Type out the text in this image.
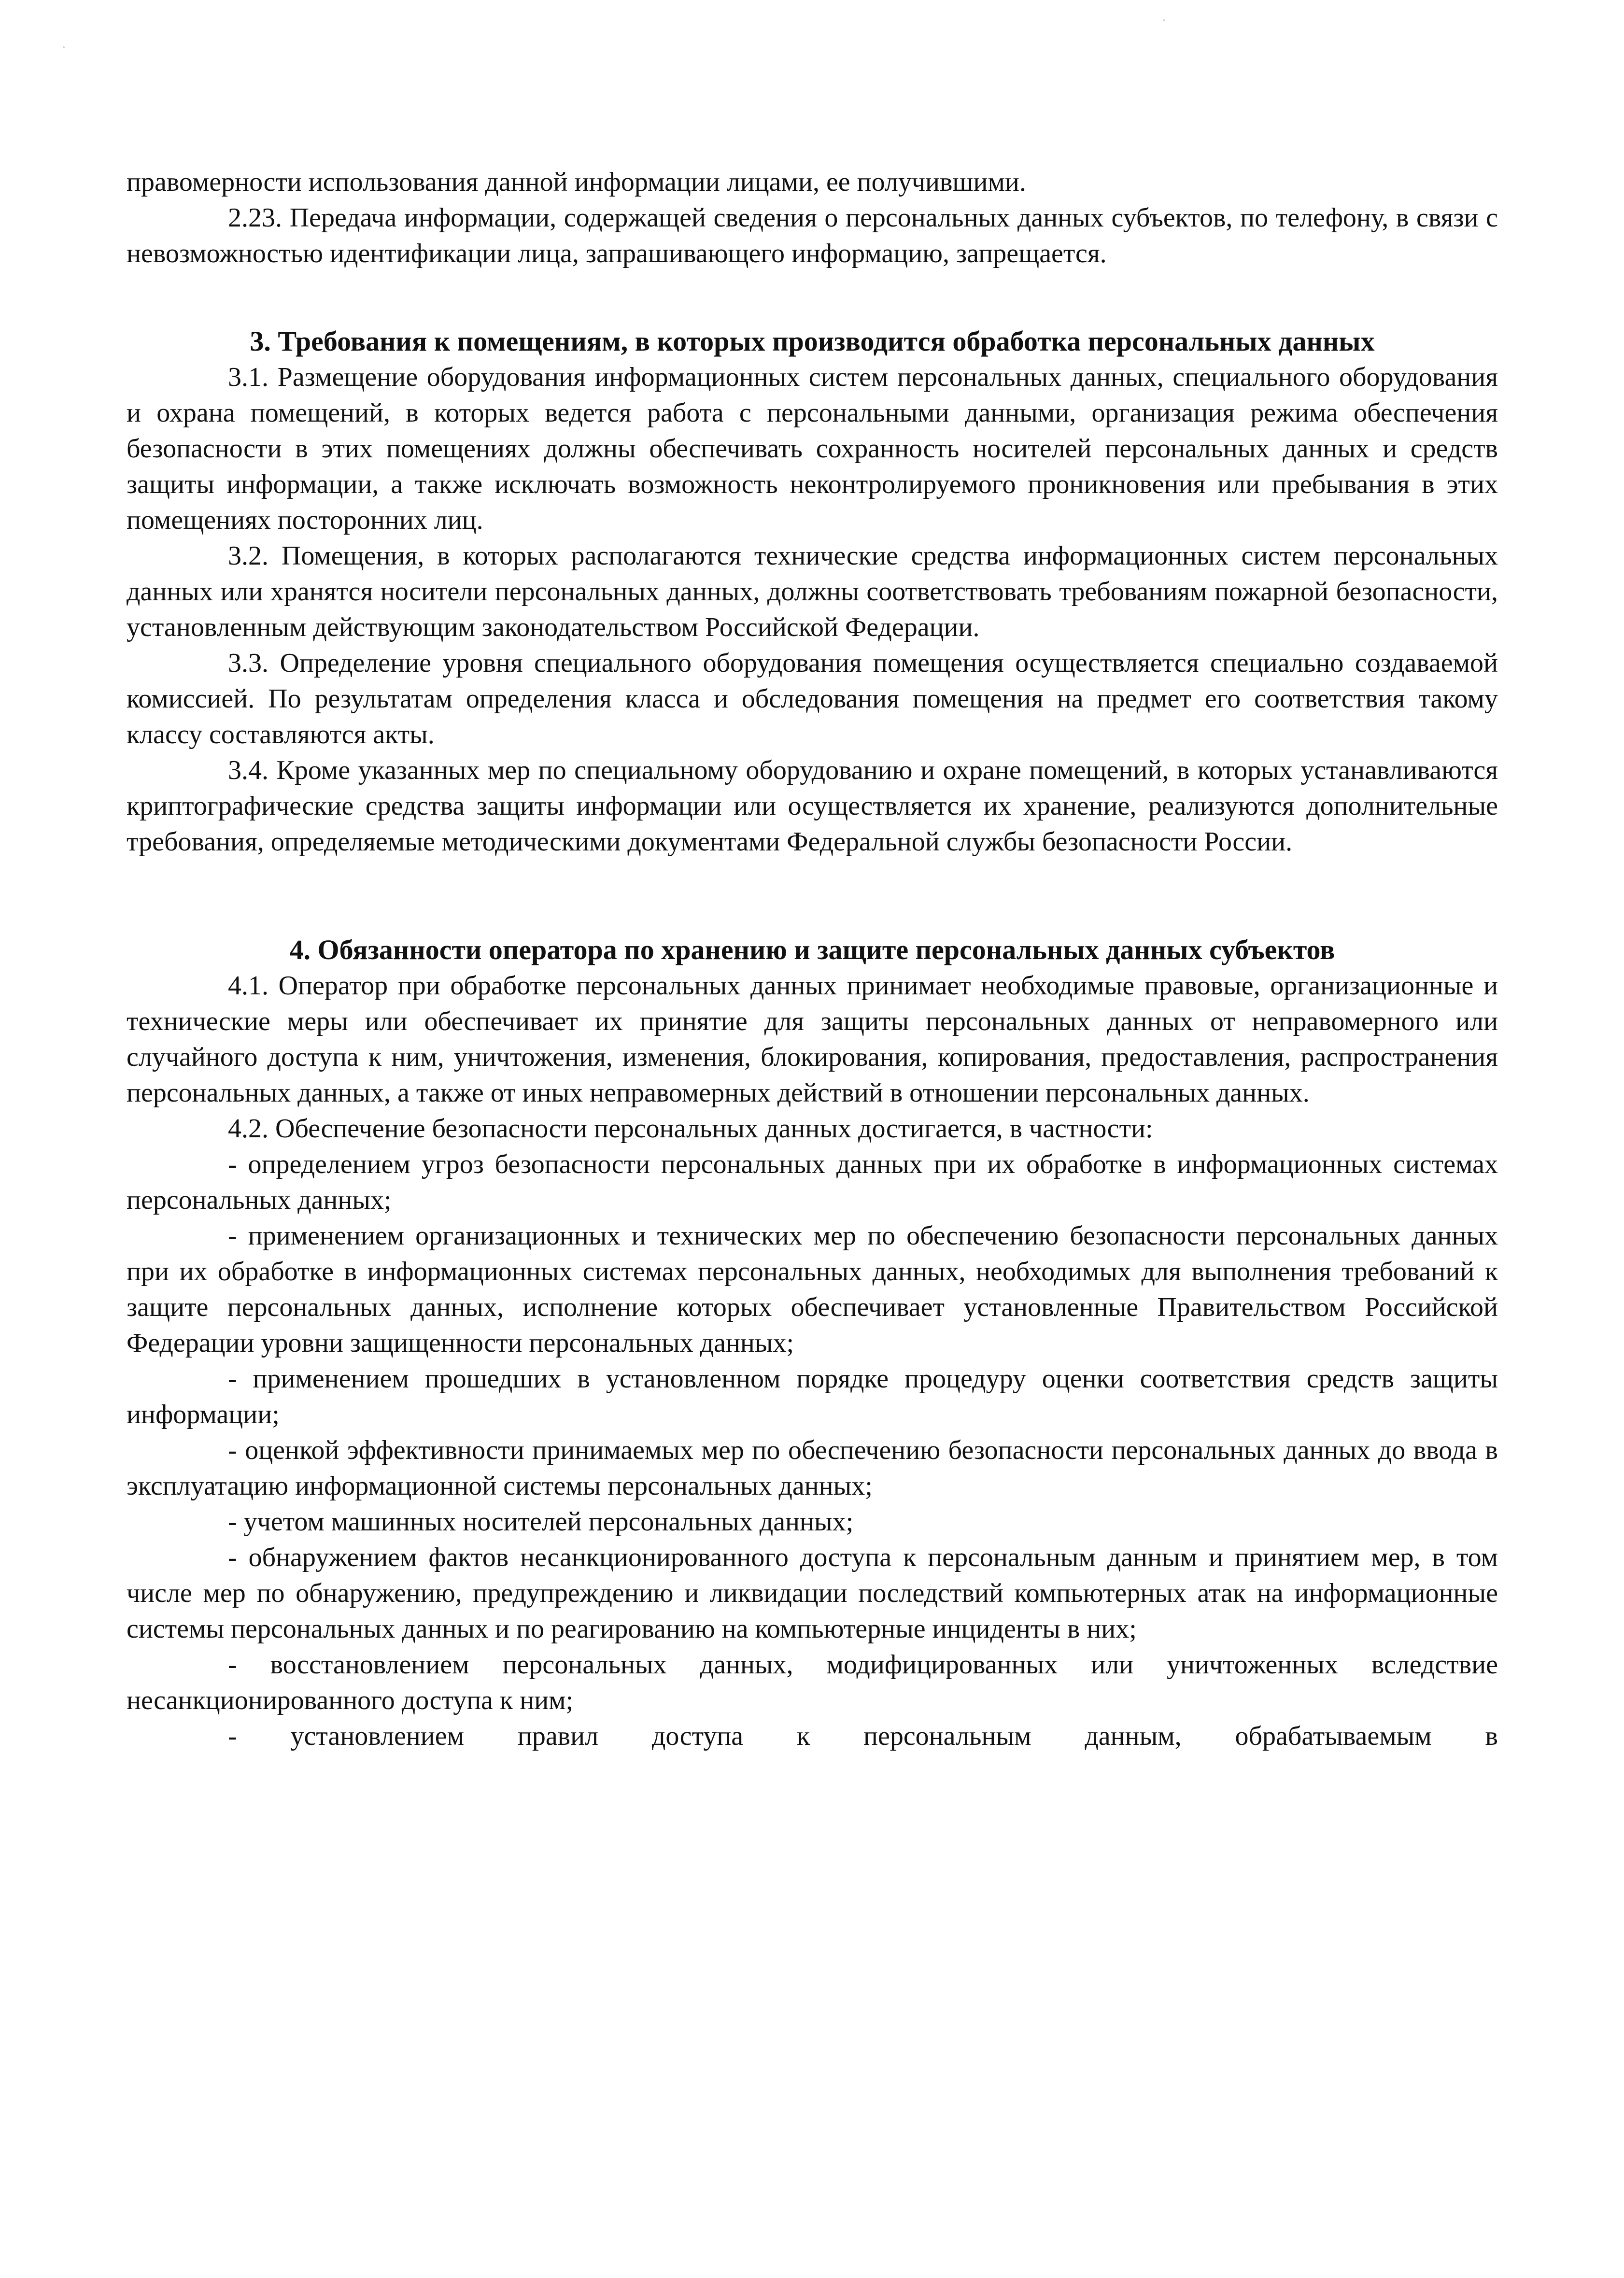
правомерности использования данной информации лицами, ее получившими.

2.23. Передача информации, содержащей сведения о персональных данных субъектов, по телефону, в связи с невозможностью идентификации лица, запрашивающего информацию, запрещается.

3. Требования к помещениям, в которых производится обработка персональных данных

3.1. Размещение оборудования информационных систем персональных данных, специального оборудования и охрана помещений, в которых ведется работа с персональными данными, организация режима обеспечения безопасности в этих помещениях должны обеспечивать сохранность носителей персональных данных и средств защиты информации, а также исключать возможность неконтролируемого проникновения или пребывания в этих помещениях посторонних лиц.

3.2. Помещения, в которых располагаются технические средства информационных систем персональных данных или хранятся носители персональных данных, должны соответствовать требованиям пожарной безопасности, установленным действующим законодательством Российской Федерации.

3.3. Определение уровня специального оборудования помещения осуществляется специально создаваемой комиссией. По результатам определения класса и обследования помещения на предмет его соответствия такому классу составляются акты.

3.4. Кроме указанных мер по специальному оборудованию и охране помещений, в которых устанавливаются криптографические средства защиты информации или осуществляется их хранение, реализуются дополнительные требования, определяемые методическими документами Федеральной службы безопасности России.

4. Обязанности оператора по хранению и защите персональных данных субъектов

4.1. Оператор при обработке персональных данных принимает необходимые правовые, организационные и технические меры или обеспечивает их принятие для защиты персональных данных от неправомерного или случайного доступа к ним, уничтожения, изменения, блокирования, копирования, предоставления, распространения персональных данных, а также от иных неправомерных действий в отношении персональных данных.

4.2. Обеспечение безопасности персональных данных достигается, в частности:

- определением угроз безопасности персональных данных при их обработке в информационных системах персональных данных;

- применением организационных и технических мер по обеспечению безопасности персональных данных при их обработке в информационных системах персональных данных, необходимых для выполнения требований к защите персональных данных, исполнение которых обеспечивает установленные Правительством Российской Федерации уровни защищенности персональных данных;

- применением прошедших в установленном порядке процедуру оценки соответствия средств защиты информации;

- оценкой эффективности принимаемых мер по обеспечению безопасности персональных данных до ввода в эксплуатацию информационной системы персональных данных;

- учетом машинных носителей персональных данных;

- обнаружением фактов несанкционированного доступа к персональным данным и принятием мер, в том числе мер по обнаружению, предупреждению и ликвидации последствий компьютерных атак на информационные системы персональных данных и по реагированию на компьютерные инциденты в них;

- восстановлением персональных данных, модифицированных или уничтоженных вследствие несанкционированного доступа к ним;

- установлением правил доступа к персональным данным, обрабатываемым в
